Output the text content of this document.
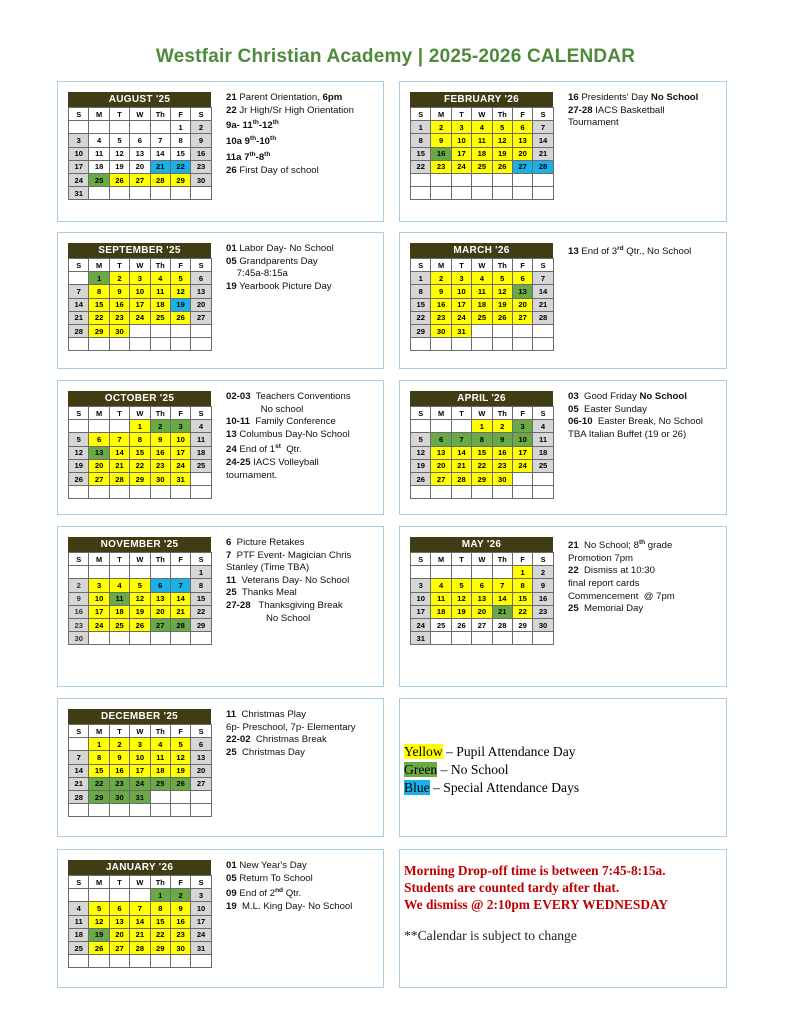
Westfair Christian Academy | 2025-2026 CALENDAR
AUGUST '25
S	M	T	W	Th	F	S
					1	2
3	4	5	6	7	8	9
10	11	12	13	14	15	16
17	18	19	20	21	22	23
24	25	26	27	28	29	30
31						
21 Parent Orientation, 6pm
22 Jr High/Sr High Orientation
9a- 11th-12th
10a 9th-10th
11a 7th-8th
26 First Day of school
SEPTEMBER '25
S	M	T	W	Th	F	S
	1	2	3	4	5	6
7	8	9	10	11	12	13
14	15	16	17	18	19	20
21	22	23	24	25	26	27
28	29	30				

01 Labor Day- No School
05 Grandparents Day
7:45a-8:15a
19 Yearbook Picture Day
OCTOBER '25
S	M	T	W	Th	F	S
			1	2	3	4
5	6	7	8	9	10	11
12	13	14	15	16	17	18
19	20	21	22	23	24	25
26	27	28	29	30	31	

02-03  Teachers Conventions
No school
10-11  Family Conference
13 Columbus Day-No School
24 End of 1st  Qtr.
24-25 IACS Volleyball
tournament.
NOVEMBER '25
S	M	T	W	Th	F	S
						1
2	3	4	5	6	7	8
9	10	11	12	13	14	15
16	17	18	19	20	21	22
23	24	25	26	27	28	29
30						
6  Picture Retakes
7  PTF Event- Magician Chris
Stanley (Time TBA)
11  Veterans Day- No School
25  Thanks Meal
27-28   Thanksgiving Break
No School
DECEMBER '25
S	M	T	W	Th	F	S
	1	2	3	4	5	6
7	8	9	10	11	12	13
14	15	16	17	18	19	20
21	22	23	24	25	26	27
28	29	30	31			

11  Christmas Play
6p- Preschool, 7p- Elementary
22-02  Christmas Break
25  Christmas Day
JANUARY '26
S	M	T	W	Th	F	S
				1	2	3
4	5	6	7	8	9	10
11	12	13	14	15	16	17
18	19	20	21	22	23	24
25	26	27	28	29	30	31

01 New Year's Day
05 Return To School
09 End of 2nd Qtr.
19  M.L. King Day- No School
FEBRUARY '26
S	M	T	W	Th	F	S
1	2	3	4	5	6	7
8	9	10	11	12	13	14
15	16	17	18	19	20	21
22	23	24	25	26	27	28

16 Presidents' Day No School
27-28 IACS Basketball
Tournament
MARCH '26
S	M	T	W	Th	F	S
1	2	3	4	5	6	7
8	9	10	11	12	13	14
15	16	17	18	19	20	21
22	23	24	25	26	27	28
29	30	31				

13 End of 3rd Qtr., No School
APRIL '26
S	M	T	W	Th	F	S
			1	2	3	4
5	6	7	8	9	10	11
12	13	14	15	16	17	18
19	20	21	22	23	24	25
26	27	28	29	30		

03  Good Friday No School
05  Easter Sunday
06-10  Easter Break, No School
TBA Italian Buffet (19 or 26)
MAY '26
S	M	T	W	Th	F	S
					1	2
3	4	5	6	7	8	9
10	11	12	13	14	15	16
17	18	19	20	21	22	23
24	25	26	27	28	29	30
31						
21  No School; 8th grade
Promotion 7pm
22  Dismiss at 10:30
final report cards
Commencement  @ 7pm
25  Memorial Day
Yellow – Pupil Attendance Day
Green – No School
Blue – Special Attendance Days
Morning Drop-off time is between 7:45-8:15a.
Students are counted tardy after that.
We dismiss @ 2:10pm EVERY WEDNESDAY
**Calendar is subject to change
